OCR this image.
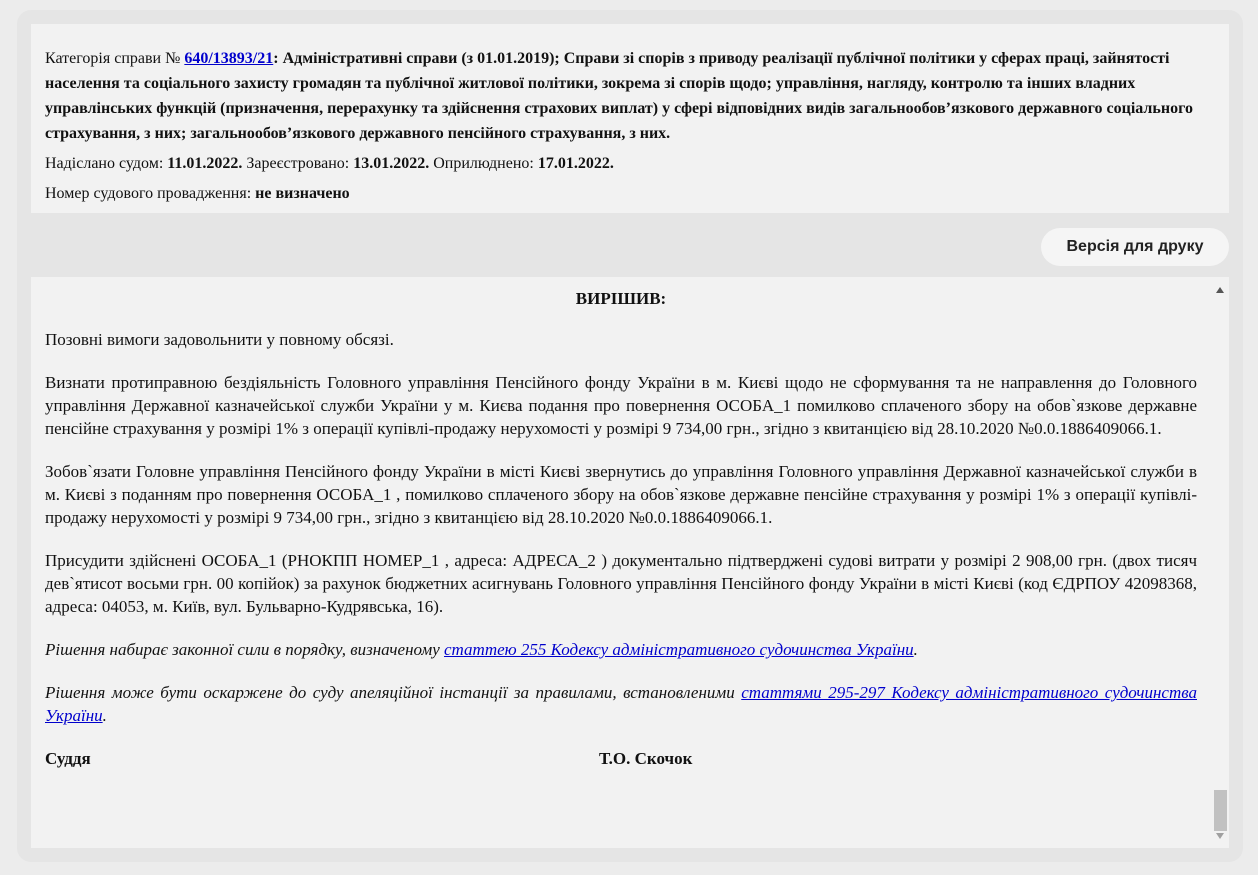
Категорія справи № 640/13893/21: Адміністративні справи (з 01.01.2019); Справи зі спорів з приводу реалізації публічної політики у сферах праці, зайнятості населення та соціального захисту громадян та публічної житлової політики, зокрема зі спорів щодо; управління, нагляду, контролю та інших владних управлінських функцій (призначення, перерахунку та здійснення страхових виплат) у сфері відповідних видів загальнообов’язкового державного соціального страхування, з них; загальнообов’язкового державного пенсійного страхування, з них.

Надіслано судом: 11.01.2022. Зареєстровано: 13.01.2022. Оприлюднено: 17.01.2022.

Номер судового провадження: не визначено

Версія для друку

ВИРІШИВ:

Позовні вимоги задовольнити у повному обсязі.

Визнати протиправною бездіяльність Головного управління Пенсійного фонду України в м. Києві щодо не сформування та не направлення до Головного управління Державної казначейської служби України у м. Києва подання про повернення ОСОБА_1 помилково сплаченого збору на обов`язкове державне пенсійне страхування у розмірі 1% з операції купівлі-продажу нерухомості у розмірі 9 734,00 грн., згідно з квитанцією від 28.10.2020 №0.0.1886409066.1.

Зобов`язати Головне управління Пенсійного фонду України в місті Києві звернутись до управління Головного управління Державної казначейської служби в м. Києві з поданням про повернення ОСОБА_1 , помилково сплаченого збору на обов`язкове державне пенсійне страхування у розмірі 1% з операції купівлі-продажу нерухомості у розмірі 9 734,00 грн., згідно з квитанцією від 28.10.2020 №0.0.1886409066.1.

Присудити здійснені ОСОБА_1 (РНОКПП НОМЕР_1 , адреса: АДРЕСА_2 ) документально підтверджені судові витрати у розмірі 2 908,00 грн. (двох тисяч дев`ятисот восьми грн. 00 копійок) за рахунок бюджетних асигнувань Головного управління Пенсійного фонду України в місті Києві (код ЄДРПОУ 42098368, адреса: 04053, м. Київ, вул. Бульварно-Кудрявська, 16).

Рішення набирає законної сили в порядку, визначеному статтею 255 Кодексу адміністративного судочинства України.

Рішення може бути оскаржене до суду апеляційної інстанції за правилами, встановленими статтями 295-297 Кодексу адміністративного судочинства України.

Суддя	Т.О. Скочок
